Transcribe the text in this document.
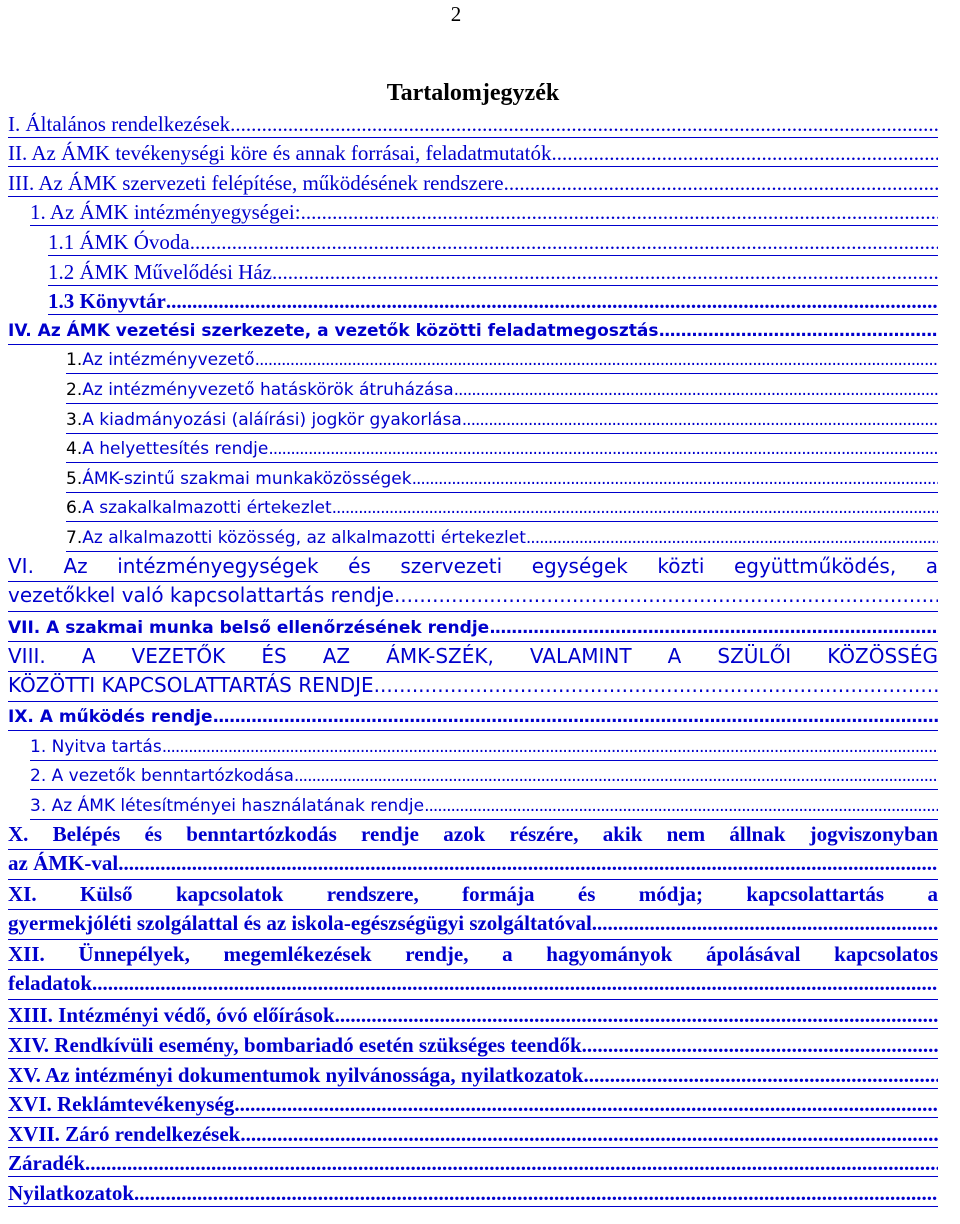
2
Tartalomjegyzék
I. Általános rendelkezések
.....
II. Az ÁMK tevékenységi köre és annak forrásai, feladatmutatók
.....
III. Az ÁMK szervezeti felépítése, működésének rendszere
.....
1. Az ÁMK intézményegységei:
.....
1.1 ÁMK Óvoda
.....
1.2 ÁMK Művelődési Ház
.....
1.3 Könyvtár
.....
IV. Az ÁMK vezetési szerkezete, a vezetők közötti feladatmegosztás
.....
1. Az intézményvezető
.....
2. Az intézményvezető hatáskörök átruházása
.....
3. A kiadmányozási (aláírási) jogkör gyakorlása
.....
4. A helyettesítés rendje
.....
5. ÁMK-szintű szakmai munkaközösségek
.....
6. A szakalkalmazotti értekezlet
.....
7. Az alkalmazotti közösség, az alkalmazotti értekezlet
.....
VI. Az intézményegységek és szervezeti egységek közti együttműködés, a
vezetőkkel való kapcsolattartás rendje
.....
VII. A szakmai munka belső ellenőrzésének rendje
.....
VIII. A VEZETŐK ÉS AZ ÁMK-SZÉK, VALAMINT A SZÜLŐI KÖZÖSSÉG
KÖZÖTTI KAPCSOLATTARTÁS RENDJE
.....
IX. A működés rendje
.....
1. Nyitva tartás
.....
2. A vezetők benntartózkodása
.....
3. Az ÁMK létesítményei használatának rendje
.....
X. Belépés és benntartózkodás rendje azok részére, akik nem állnak jogviszonyban
az ÁMK-val
.....
XI. Külső kapcsolatok rendszere, formája és módja; kapcsolattartás a
gyermekjóléti szolgálattal és az iskola-egészségügyi szolgáltatóval
.....
XII. Ünnepélyek, megemlékezések rendje, a hagyományok ápolásával kapcsolatos
feladatok
.....
XIII. Intézményi védő, óvó előírások
.....
XIV. Rendkívüli esemény, bombariadó esetén szükséges teendők
.....
XV. Az intézményi dokumentumok nyilvánossága, nyilatkozatok
.....
XVI. Reklámtevékenység
.....
XVII. Záró rendelkezések
.....
Záradék
.....
Nyilatkozatok
.....
